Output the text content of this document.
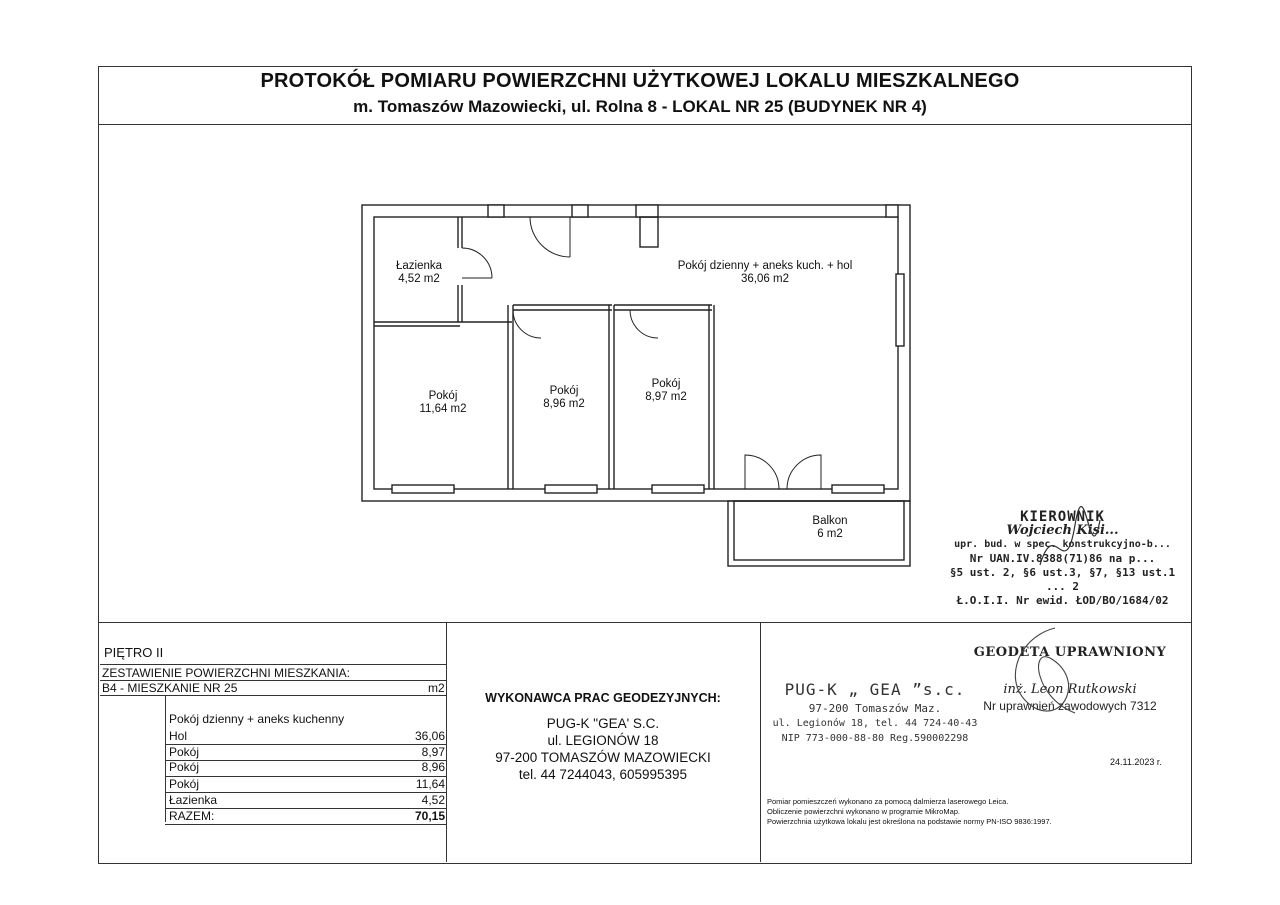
PROTOKÓŁ POMIARU POWIERZCHNI UŻYTKOWEJ LOKALU MIESZKALNEGO
m. Tomaszów Mazowiecki, ul. Rolna 8 - LOKAL NR 25 (BUDYNEK NR 4)
Łazienka
4,52 m2
Pokój dzienny + aneks kuch. + hol
36,06 m2
Pokój
11,64 m2
Pokój
8,96 m2
Pokój
8,97 m2
Balkon
6 m2
KIEROWNIK
Wojciech Kisi...
upr. bud. w spec. konstrukcyjno-b...
Nr UAN.IV.8388(71)86 na p...
§5 ust. 2, §6 ust.3, §7, §13 ust.1 ... 2
Ł.O.I.I. Nr ewid. ŁOD/BO/1684/02
PIĘTRO II
ZESTAWIENIE POWIERZCHNI MIESZKANIA:
B4 - MIESZKANIE NR 25	m2
Pokój dzienny + aneks kuchenny
Hol	36,06
Pokój	8,97
Pokój	8,96
Pokój	11,64
Łazienka	4,52
RAZEM:	70,15
WYKONAWCA PRAC GEODEZYJNYCH:
PUG-K "GEA' S.C.
ul. LEGIONÓW 18
97-200 TOMASZÓW MAZOWIECKI
tel. 44 7244043, 605995395
PUG-K „ GEA ”s.c.
97-200 Tomaszów Maz.
ul. Legionów 18, tel. 44 724-40-43
NIP 773-000-88-80 Reg.590002298
GEODETA UPRAWNIONY
inż. Leon Rutkowski
Nr uprawnień zawodowych 7312
24.11.2023 r.
Pomiar pomieszczeń wykonano za pomocą dalmierza laserowego Leica.
Obliczenie powierzchni wykonano w programie MikroMap.
Powierzchnia użytkowa lokalu jest określona na podstawie normy PN-ISO 9836:1997.
